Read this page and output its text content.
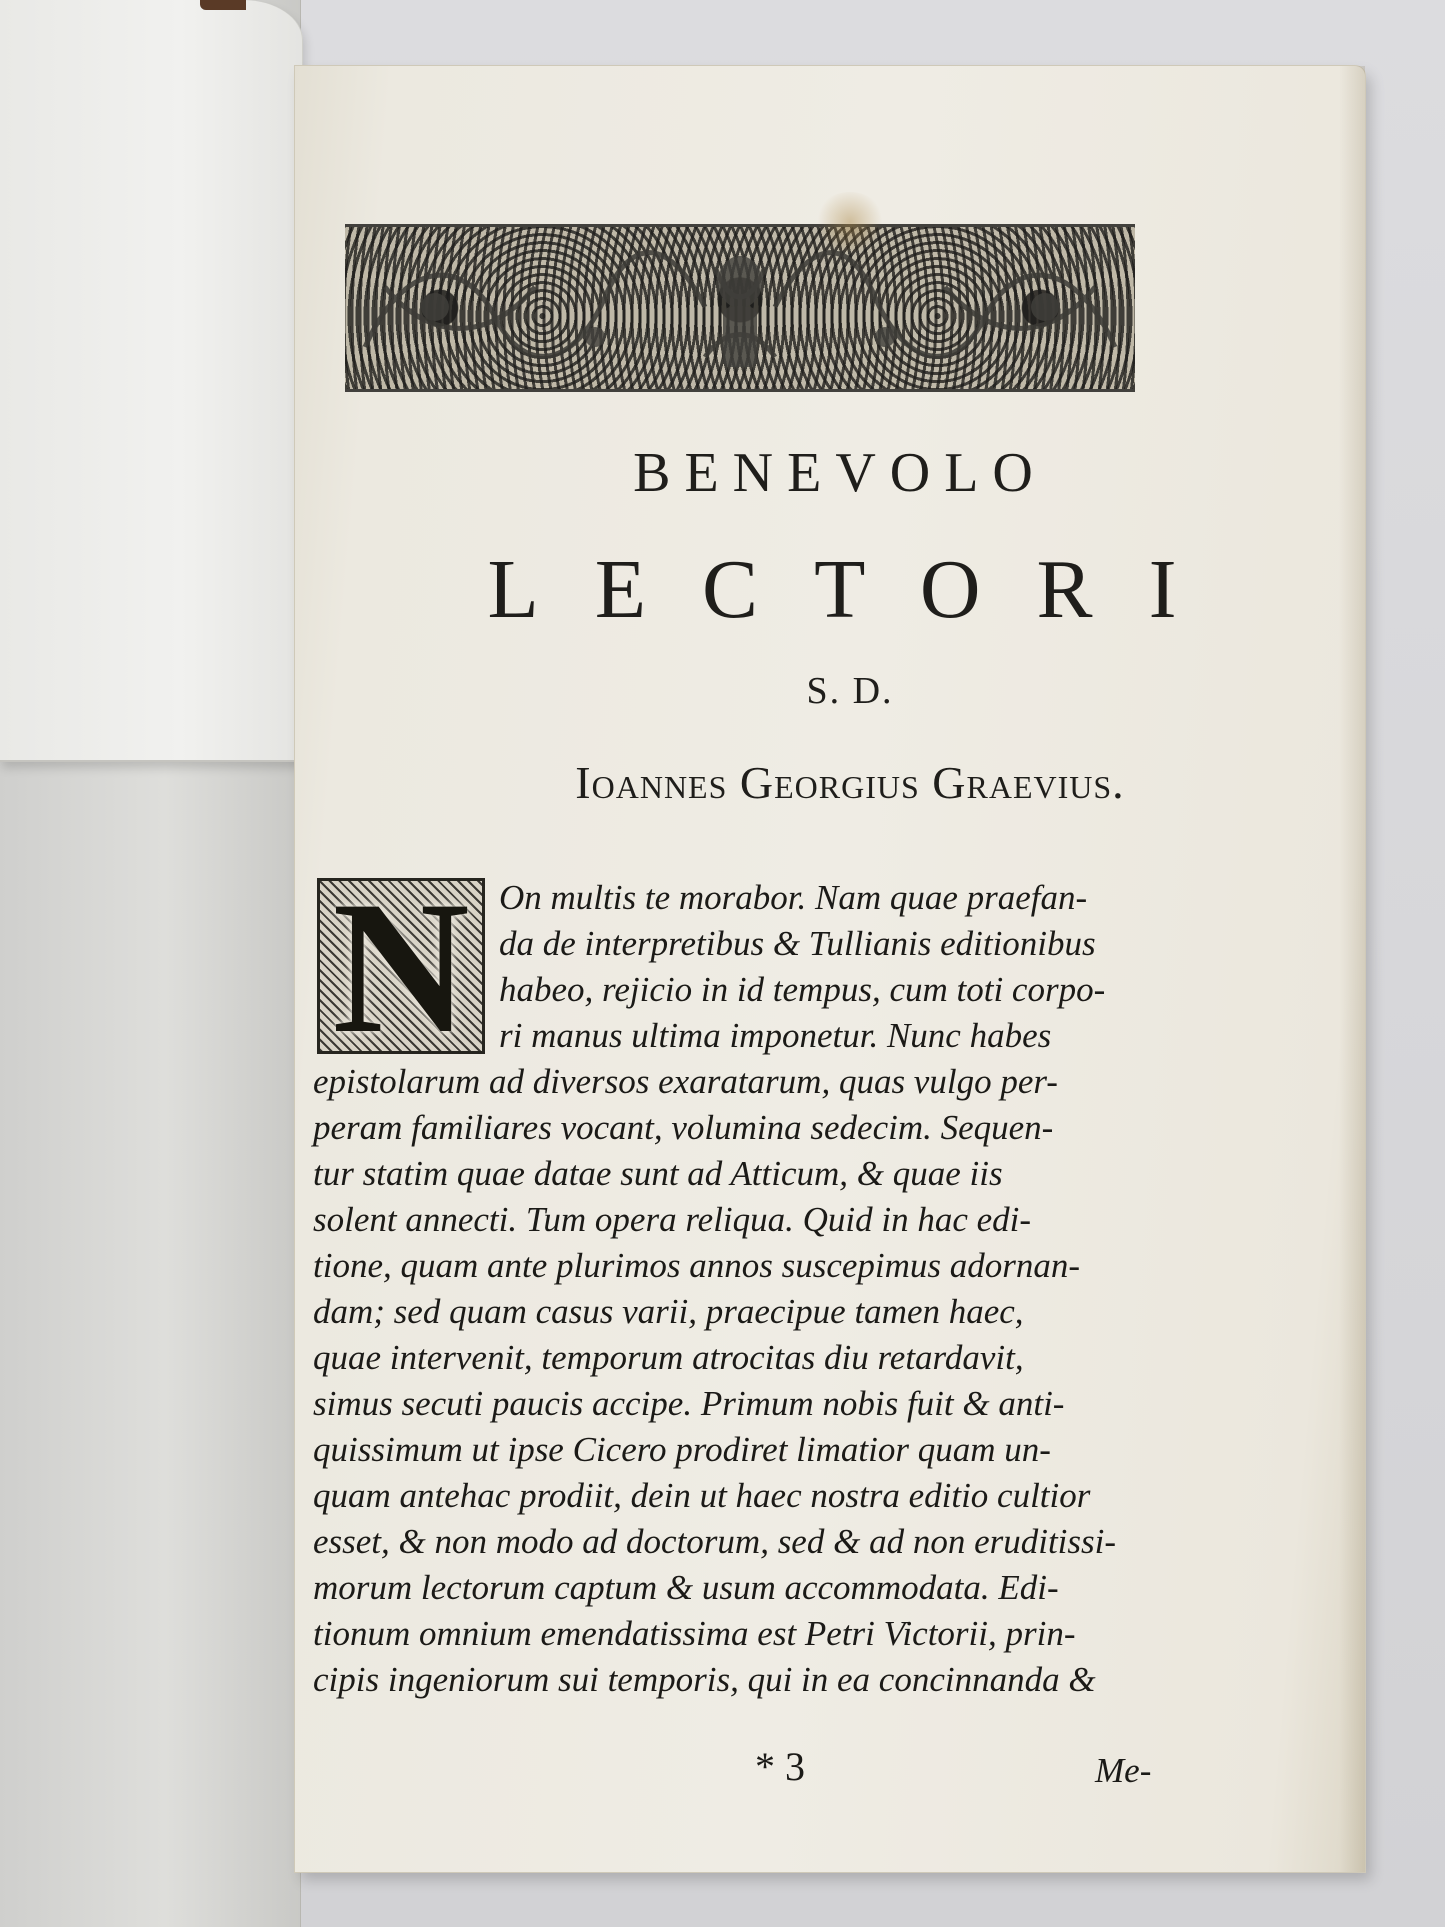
BENEVOLO
LECTORI
S. D.
Ioannes Georgius Graevius.
N On multis te morabor. Nam quae praefan-
da de interpretibus & Tullianis editionibus
habeo, rejicio in id tempus, cum toti corpo-
ri manus ultima imponetur. Nunc habes
epistolarum ad diversos exaratarum, quas vulgo per-
peram familiares vocant, volumina sedecim. Sequen-
tur statim quae datae sunt ad Atticum, & quae iis
solent annecti. Tum opera reliqua. Quid in hac edi-
tione, quam ante plurimos annos suscepimus adornan-
dam; sed quam casus varii, praecipue tamen haec,
quae intervenit, temporum atrocitas diu retardavit,
simus secuti paucis accipe. Primum nobis fuit & anti-
quissimum ut ipse Cicero prodiret limatior quam un-
quam antehac prodiit, dein ut haec nostra editio cultior
esset, & non modo ad doctorum, sed & ad non eruditissi-
morum lectorum captum & usum accommodata. Edi-
tionum omnium emendatissima est Petri Victorii, prin-
cipis ingeniorum sui temporis, qui in ea concinnanda &
* 3	Me-
